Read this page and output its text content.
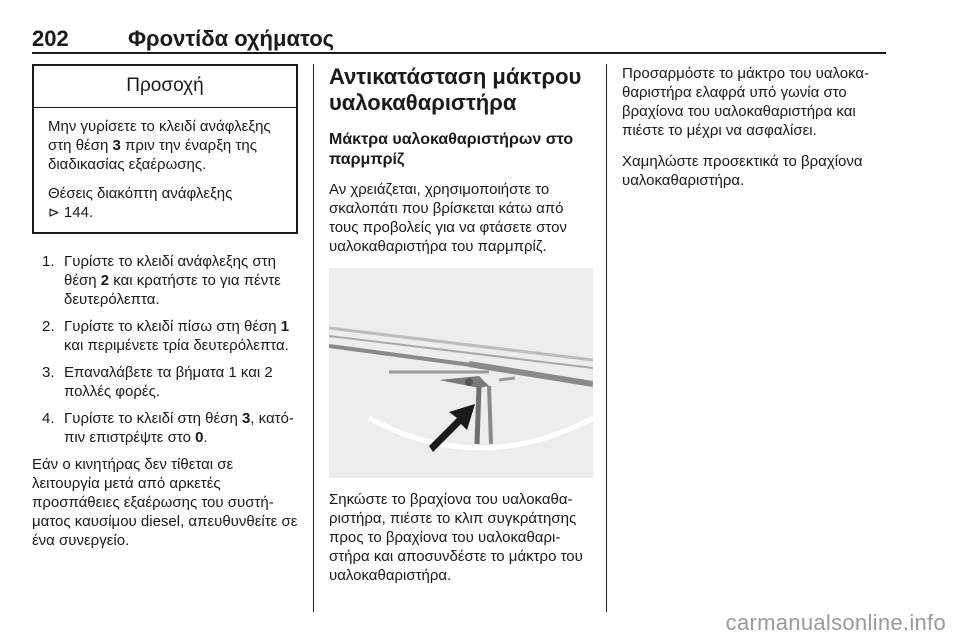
202	Φροντίδα οχήματος
Προσοχή

Μην γυρίσετε το κλειδί ανάφλεξης στη θέση 3 πριν την έναρξη της διαδικασίας εξαέρωσης.

Θέσεις διακόπτη ανάφλεξης
⊳ 144.

1. Γυρίστε το κλειδί ανάφλεξης στη θέση 2 και κρατήστε το για πέντε δευτερόλεπτα.
2. Γυρίστε το κλειδί πίσω στη θέση 1 και περιμένετε τρία δευτερόλεπτα.
3. Επαναλάβετε τα βήματα 1 και 2 πολλές φορές.
4. Γυρίστε το κλειδί στη θέση 3, κατόπιν επιστρέψτε στο 0.
Εάν ο κινητήρας δεν τίθεται σε λειτουργία μετά από αρκετές προσπάθειες εξαέρωσης του συστήματος καυσίμου diesel, απευθυνθείτε σε ένα συνεργείο.
Αντικατάσταση μάκτρου υαλοκαθαριστήρα
Μάκτρα υαλοκαθαριστήρων στο παρμπρίζ

Αν χρειάζεται, χρησιμοποιήστε το σκαλοπάτι που βρίσκεται κάτω από τους προβολείς για να φτάσετε στον υαλοκαθαριστήρα του παρμπρίζ.

Σηκώστε το βραχίονα του υαλοκαθαριστήρα, πιέστε το κλιπ συγκράτησης προς το βραχίονα του υαλοκαθαριστήρα και αποσυνδέστε το μάκτρο του υαλοκαθαριστήρα.

Προσαρμόστε το μάκτρο του υαλοκαθαριστήρα ελαφρά υπό γωνία στο βραχίονα του υαλοκαθαριστήρα και πιέστε το μέχρι να ασφαλίσει.

Χαμηλώστε προσεκτικά το βραχίονα υαλοκαθαριστήρα.

carmanualsonline.info
